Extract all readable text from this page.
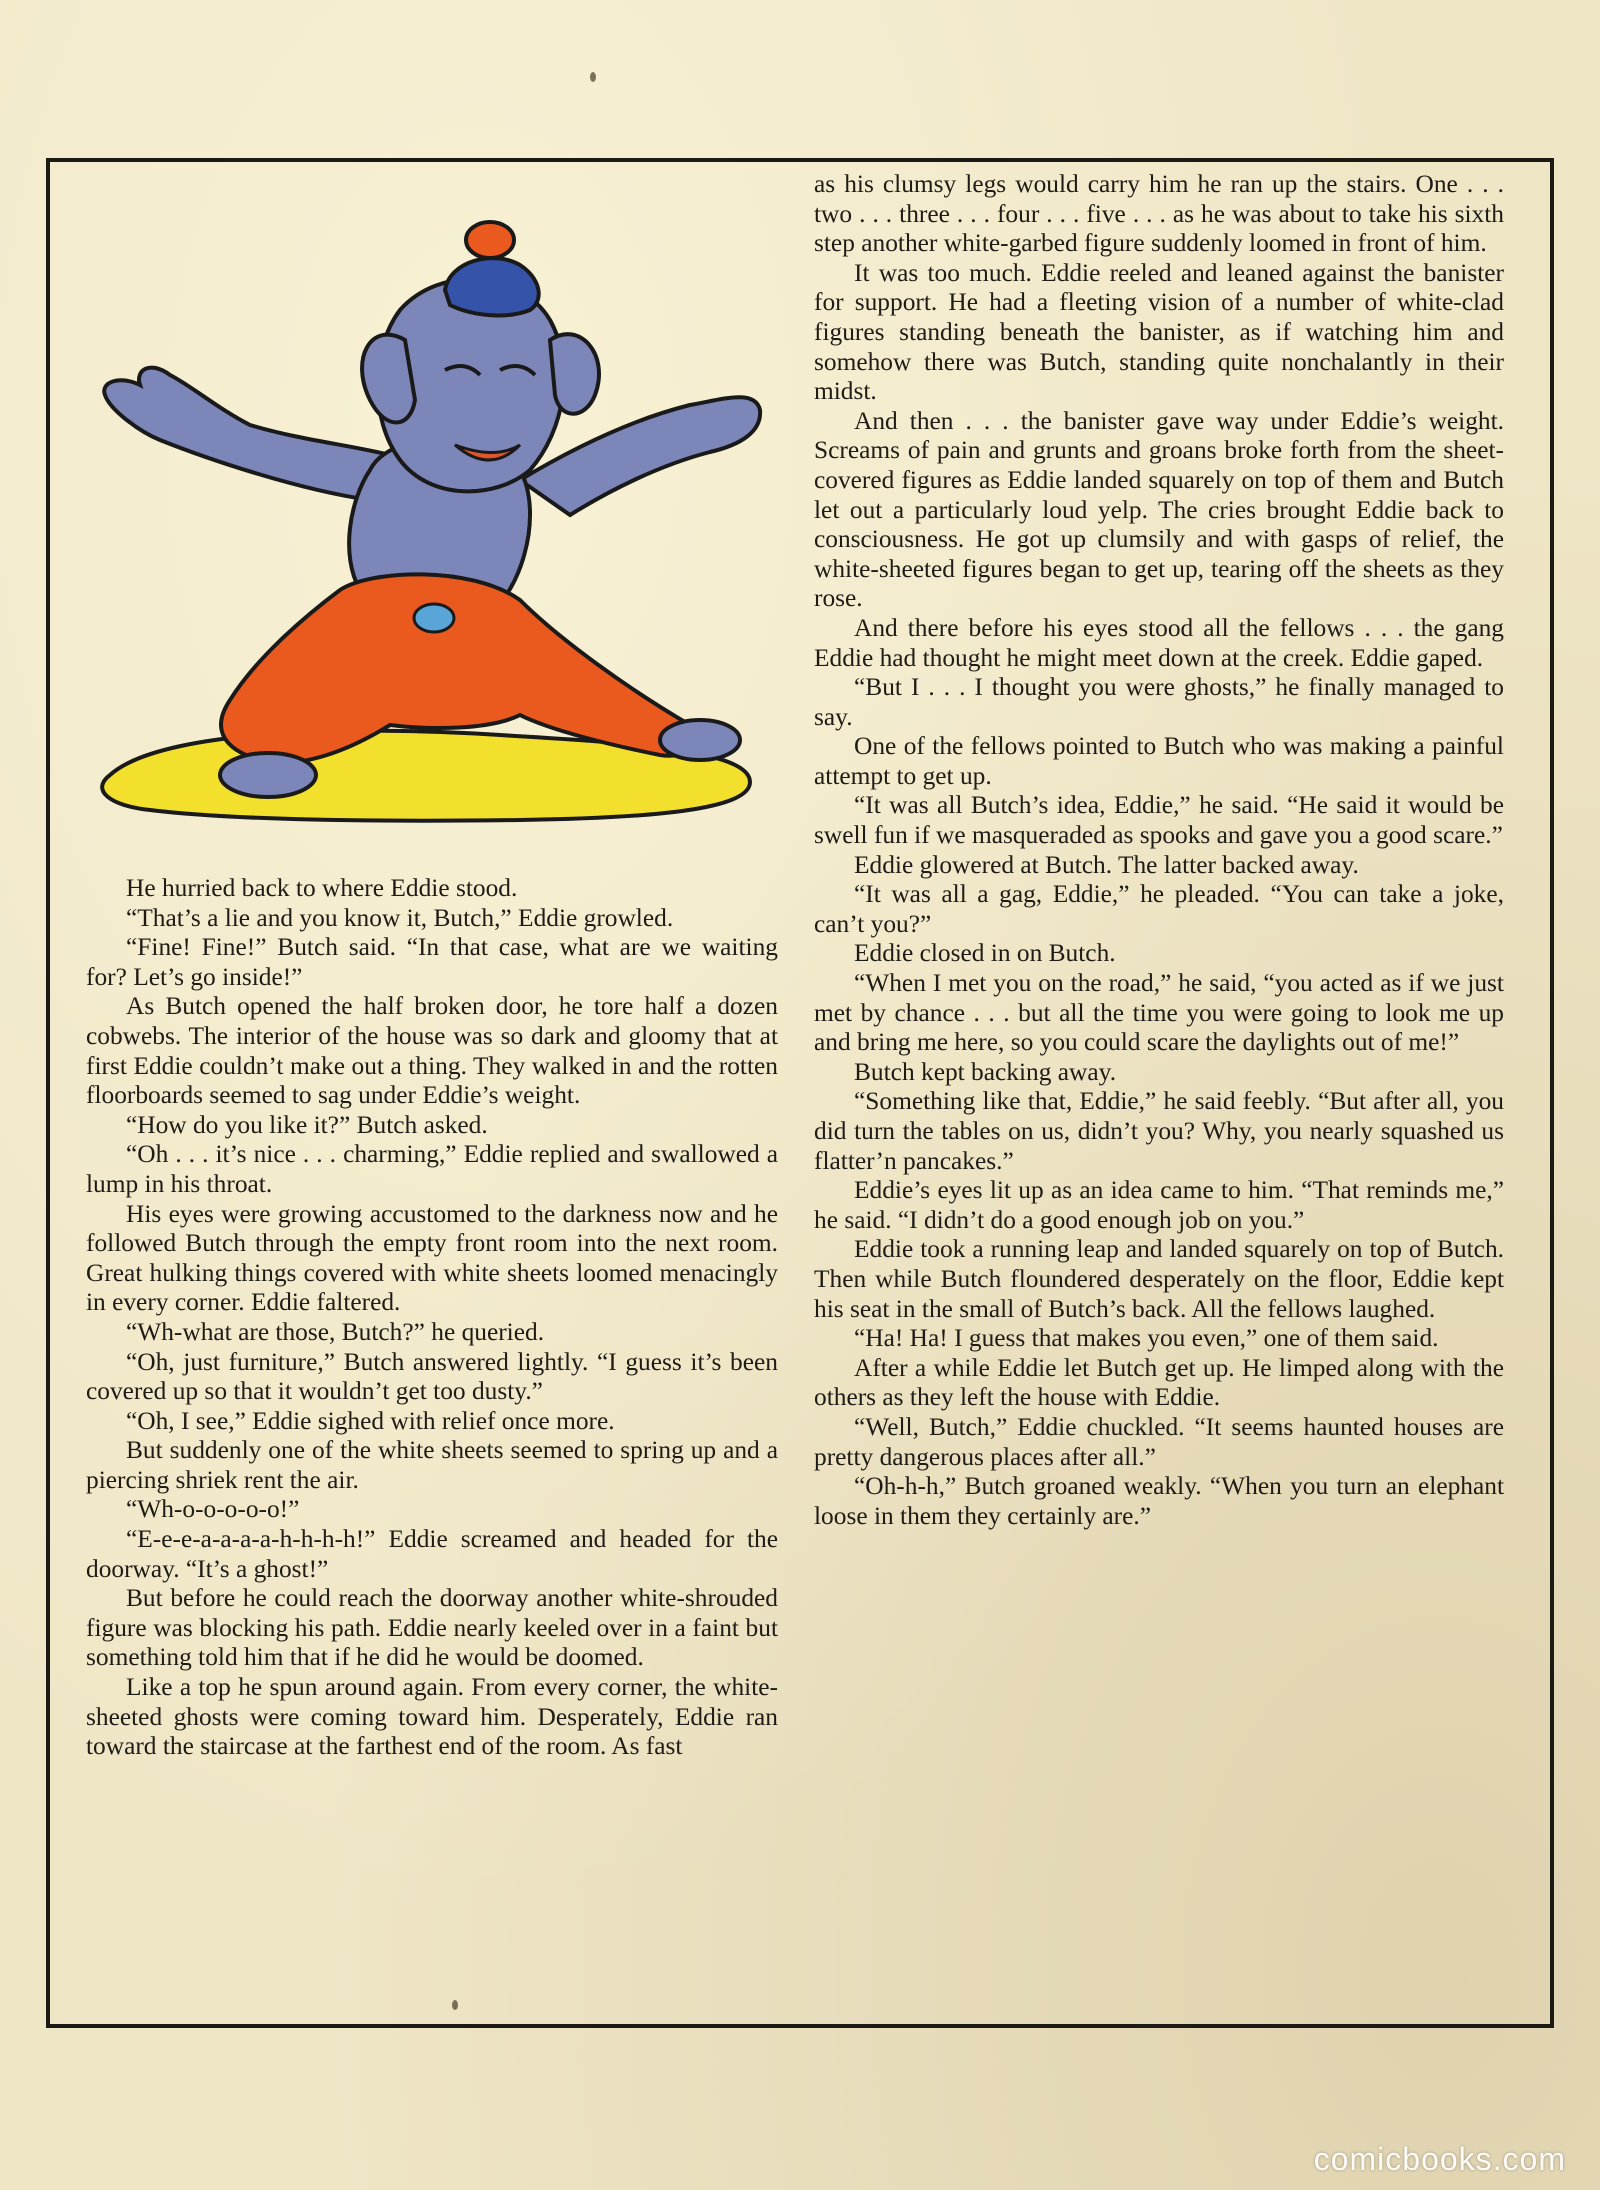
He hurried back to where Eddie stood.

“That’s a lie and you know it, Butch,” Eddie growled.

“Fine! Fine!” Butch said. “In that case, what are we waiting for? Let’s go inside!”

As Butch opened the half broken door, he tore half a dozen cobwebs. The interior of the house was so dark and gloomy that at first Eddie couldn’t make out a thing. They walked in and the rotten floorboards seemed to sag under Eddie’s weight.

“How do you like it?” Butch asked.

“Oh . . . it’s nice . . . charming,” Eddie replied and swallowed a lump in his throat.

His eyes were growing accustomed to the darkness now and he followed Butch through the empty front room into the next room. Great hulking things covered with white sheets loomed menacingly in every corner. Eddie faltered.

“Wh-what are those, Butch?” he queried.

“Oh, just furniture,” Butch answered lightly. “I guess it’s been covered up so that it wouldn’t get too dusty.”

“Oh, I see,” Eddie sighed with relief once more.

But suddenly one of the white sheets seemed to spring up and a piercing shriek rent the air.

“Wh-o-o-o-o-o!”

“E-e-e-a-a-a-a-h-h-h-h!” Eddie screamed and headed for the doorway. “It’s a ghost!”

But before he could reach the doorway another white-shrouded figure was blocking his path. Eddie nearly keeled over in a faint but something told him that if he did he would be doomed.

Like a top he spun around again. From every corner, the white-sheeted ghosts were coming toward him. Desperately, Eddie ran toward the staircase at the farthest end of the room. As fast

as his clumsy legs would carry him he ran up the stairs. One . . . two . . . three . . . four . . . five . . . as he was about to take his sixth step another white-garbed figure suddenly loomed in front of him.

It was too much. Eddie reeled and leaned against the banister for support. He had a fleeting vision of a number of white-clad figures standing beneath the banister, as if watching him and somehow there was Butch, standing quite nonchalantly in their midst.

And then . . . the banister gave way under Eddie’s weight. Screams of pain and grunts and groans broke forth from the sheet-covered figures as Eddie landed squarely on top of them and Butch let out a particularly loud yelp. The cries brought Eddie back to consciousness. He got up clumsily and with gasps of relief, the white-sheeted figures began to get up, tearing off the sheets as they rose.

And there before his eyes stood all the fellows . . . the gang Eddie had thought he might meet down at the creek. Eddie gaped.

“But I . . . I thought you were ghosts,” he finally managed to say.

One of the fellows pointed to Butch who was making a painful attempt to get up.

“It was all Butch’s idea, Eddie,” he said. “He said it would be swell fun if we masqueraded as spooks and gave you a good scare.”

Eddie glowered at Butch. The latter backed away.

“It was all a gag, Eddie,” he pleaded. “You can take a joke, can’t you?”

Eddie closed in on Butch.

“When I met you on the road,” he said, “you acted as if we just met by chance . . . but all the time you were going to look me up and bring me here, so you could scare the daylights out of me!”

Butch kept backing away.

“Something like that, Eddie,” he said feebly. “But after all, you did turn the tables on us, didn’t you? Why, you nearly squashed us flatter’n pancakes.”

Eddie’s eyes lit up as an idea came to him. “That reminds me,” he said. “I didn’t do a good enough job on you.”

Eddie took a running leap and landed squarely on top of Butch. Then while Butch floundered desperately on the floor, Eddie kept his seat in the small of Butch’s back. All the fellows laughed.

“Ha! Ha! I guess that makes you even,” one of them said.

After a while Eddie let Butch get up. He limped along with the others as they left the house with Eddie.

“Well, Butch,” Eddie chuckled. “It seems haunted houses are pretty dangerous places after all.”

“Oh-h-h,” Butch groaned weakly. “When you turn an elephant loose in them they certainly are.”

comicbooks.com
